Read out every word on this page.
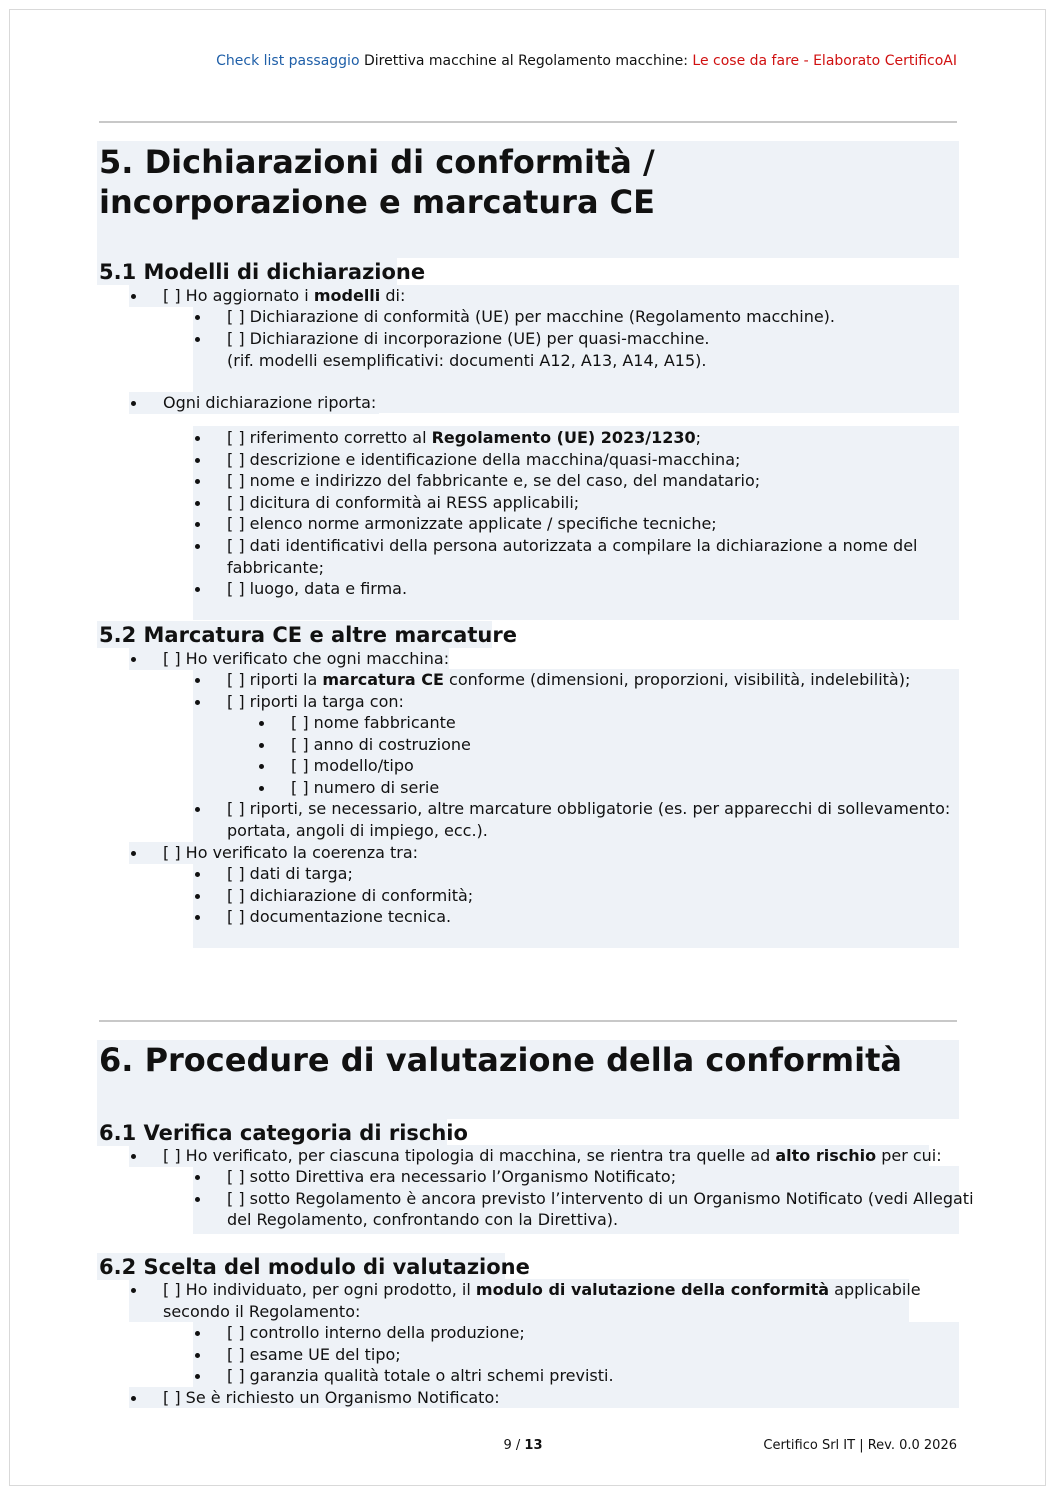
Check list passaggio Direttiva macchine al Regolamento macchine: Le cose da fare - Elaborato CertificoAI
5. Dichiarazioni di conformità / incorporazione e marcatura CE
5.1 Modelli di dichiarazione
[ ] Ho aggiornato i modelli di:
[ ] Dichiarazione di conformità (UE) per macchine (Regolamento macchine).
[ ] Dichiarazione di incorporazione (UE) per quasi-macchine.
(rif. modelli esemplificativi: documenti A12, A13, A14, A15).
Ogni dichiarazione riporta:
[ ] riferimento corretto al Regolamento (UE) 2023/1230;
[ ] descrizione e identificazione della macchina/quasi-macchina;
[ ] nome e indirizzo del fabbricante e, se del caso, del mandatario;
[ ] dicitura di conformità ai RESS applicabili;
[ ] elenco norme armonizzate applicate / specifiche tecniche;
[ ] dati identificativi della persona autorizzata a compilare la dichiarazione a nome del
fabbricante;
[ ] luogo, data e firma.
5.2 Marcatura CE e altre marcature
[ ] Ho verificato che ogni macchina:
[ ] riporti la marcatura CE conforme (dimensioni, proporzioni, visibilità, indelebilità);
[ ] riporti la targa con:
[ ] nome fabbricante
[ ] anno di costruzione
[ ] modello/tipo
[ ] numero di serie
[ ] riporti, se necessario, altre marcature obbligatorie (es. per apparecchi di sollevamento:
portata, angoli di impiego, ecc.).
[ ] Ho verificato la coerenza tra:
[ ] dati di targa;
[ ] dichiarazione di conformità;
[ ] documentazione tecnica.
6. Procedure di valutazione della conformità
6.1 Verifica categoria di rischio
[ ] Ho verificato, per ciascuna tipologia di macchina, se rientra tra quelle ad alto rischio per cui:
[ ] sotto Direttiva era necessario l’Organismo Notificato;
[ ] sotto Regolamento è ancora previsto l’intervento di un Organismo Notificato (vedi Allegati
del Regolamento, confrontando con la Direttiva).
6.2 Scelta del modulo di valutazione
[ ] Ho individuato, per ogni prodotto, il modulo di valutazione della conformità applicabile
secondo il Regolamento:
[ ] controllo interno della produzione;
[ ] esame UE del tipo;
[ ] garanzia qualità totale o altri schemi previsti.
[ ] Se è richiesto un Organismo Notificato:
9 / 13	Certifico Srl IT | Rev. 0.0 2026
